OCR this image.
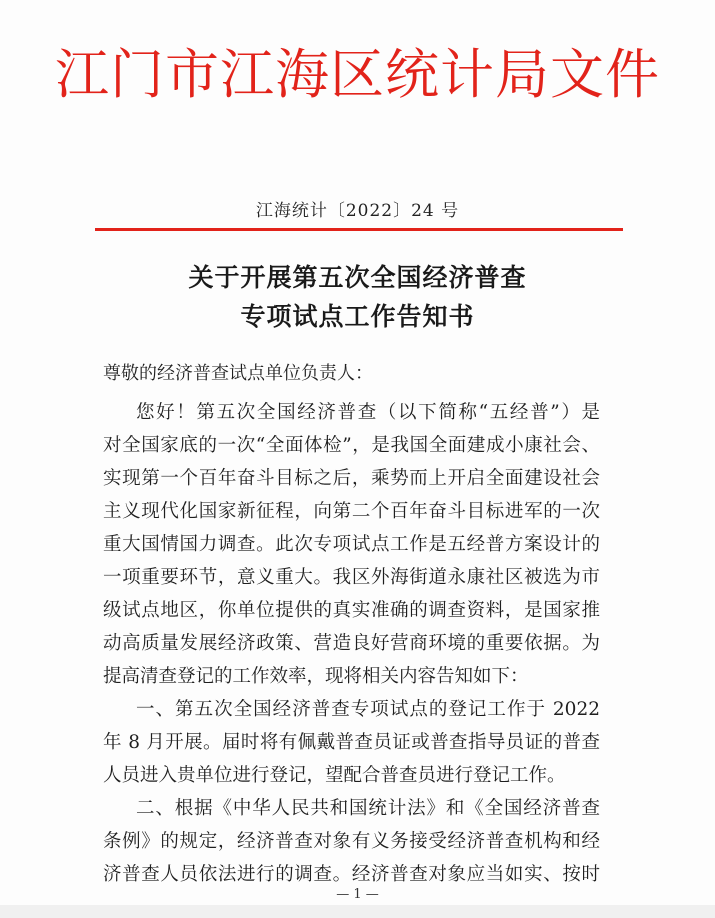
江门市江海区统计局文件
江海统计〔2022〕24 号
关于开展第五次全国经济普查
专项试点工作告知书
尊敬的经济普查试点单位负责人：
您好！第五次全国经济普查（以下简称“五经普”）是
对全国家底的一次“全面体检”，是我国全面建成小康社会、
实现第一个百年奋斗目标之后，乘势而上开启全面建设社会
主义现代化国家新征程，向第二个百年奋斗目标进军的一次
重大国情国力调查。此次专项试点工作是五经普方案设计的
一项重要环节，意义重大。我区外海街道永康社区被选为市
级试点地区，你单位提供的真实准确的调查资料，是国家推
动高质量发展经济政策、营造良好营商环境的重要依据。为
提高清查登记的工作效率，现将相关内容告知如下：
一、第五次全国经济普查专项试点的登记工作于 2022
年 8 月开展。届时将有佩戴普查员证或普查指导员证的普查
人员进入贵单位进行登记，望配合普查员进行登记工作。
二、根据《中华人民共和国统计法》和《全国经济普查
条例》的规定，经济普查对象有义务接受经济普查机构和经
济普查人员依法进行的调查。经济普查对象应当如实、按时
— 1 —
